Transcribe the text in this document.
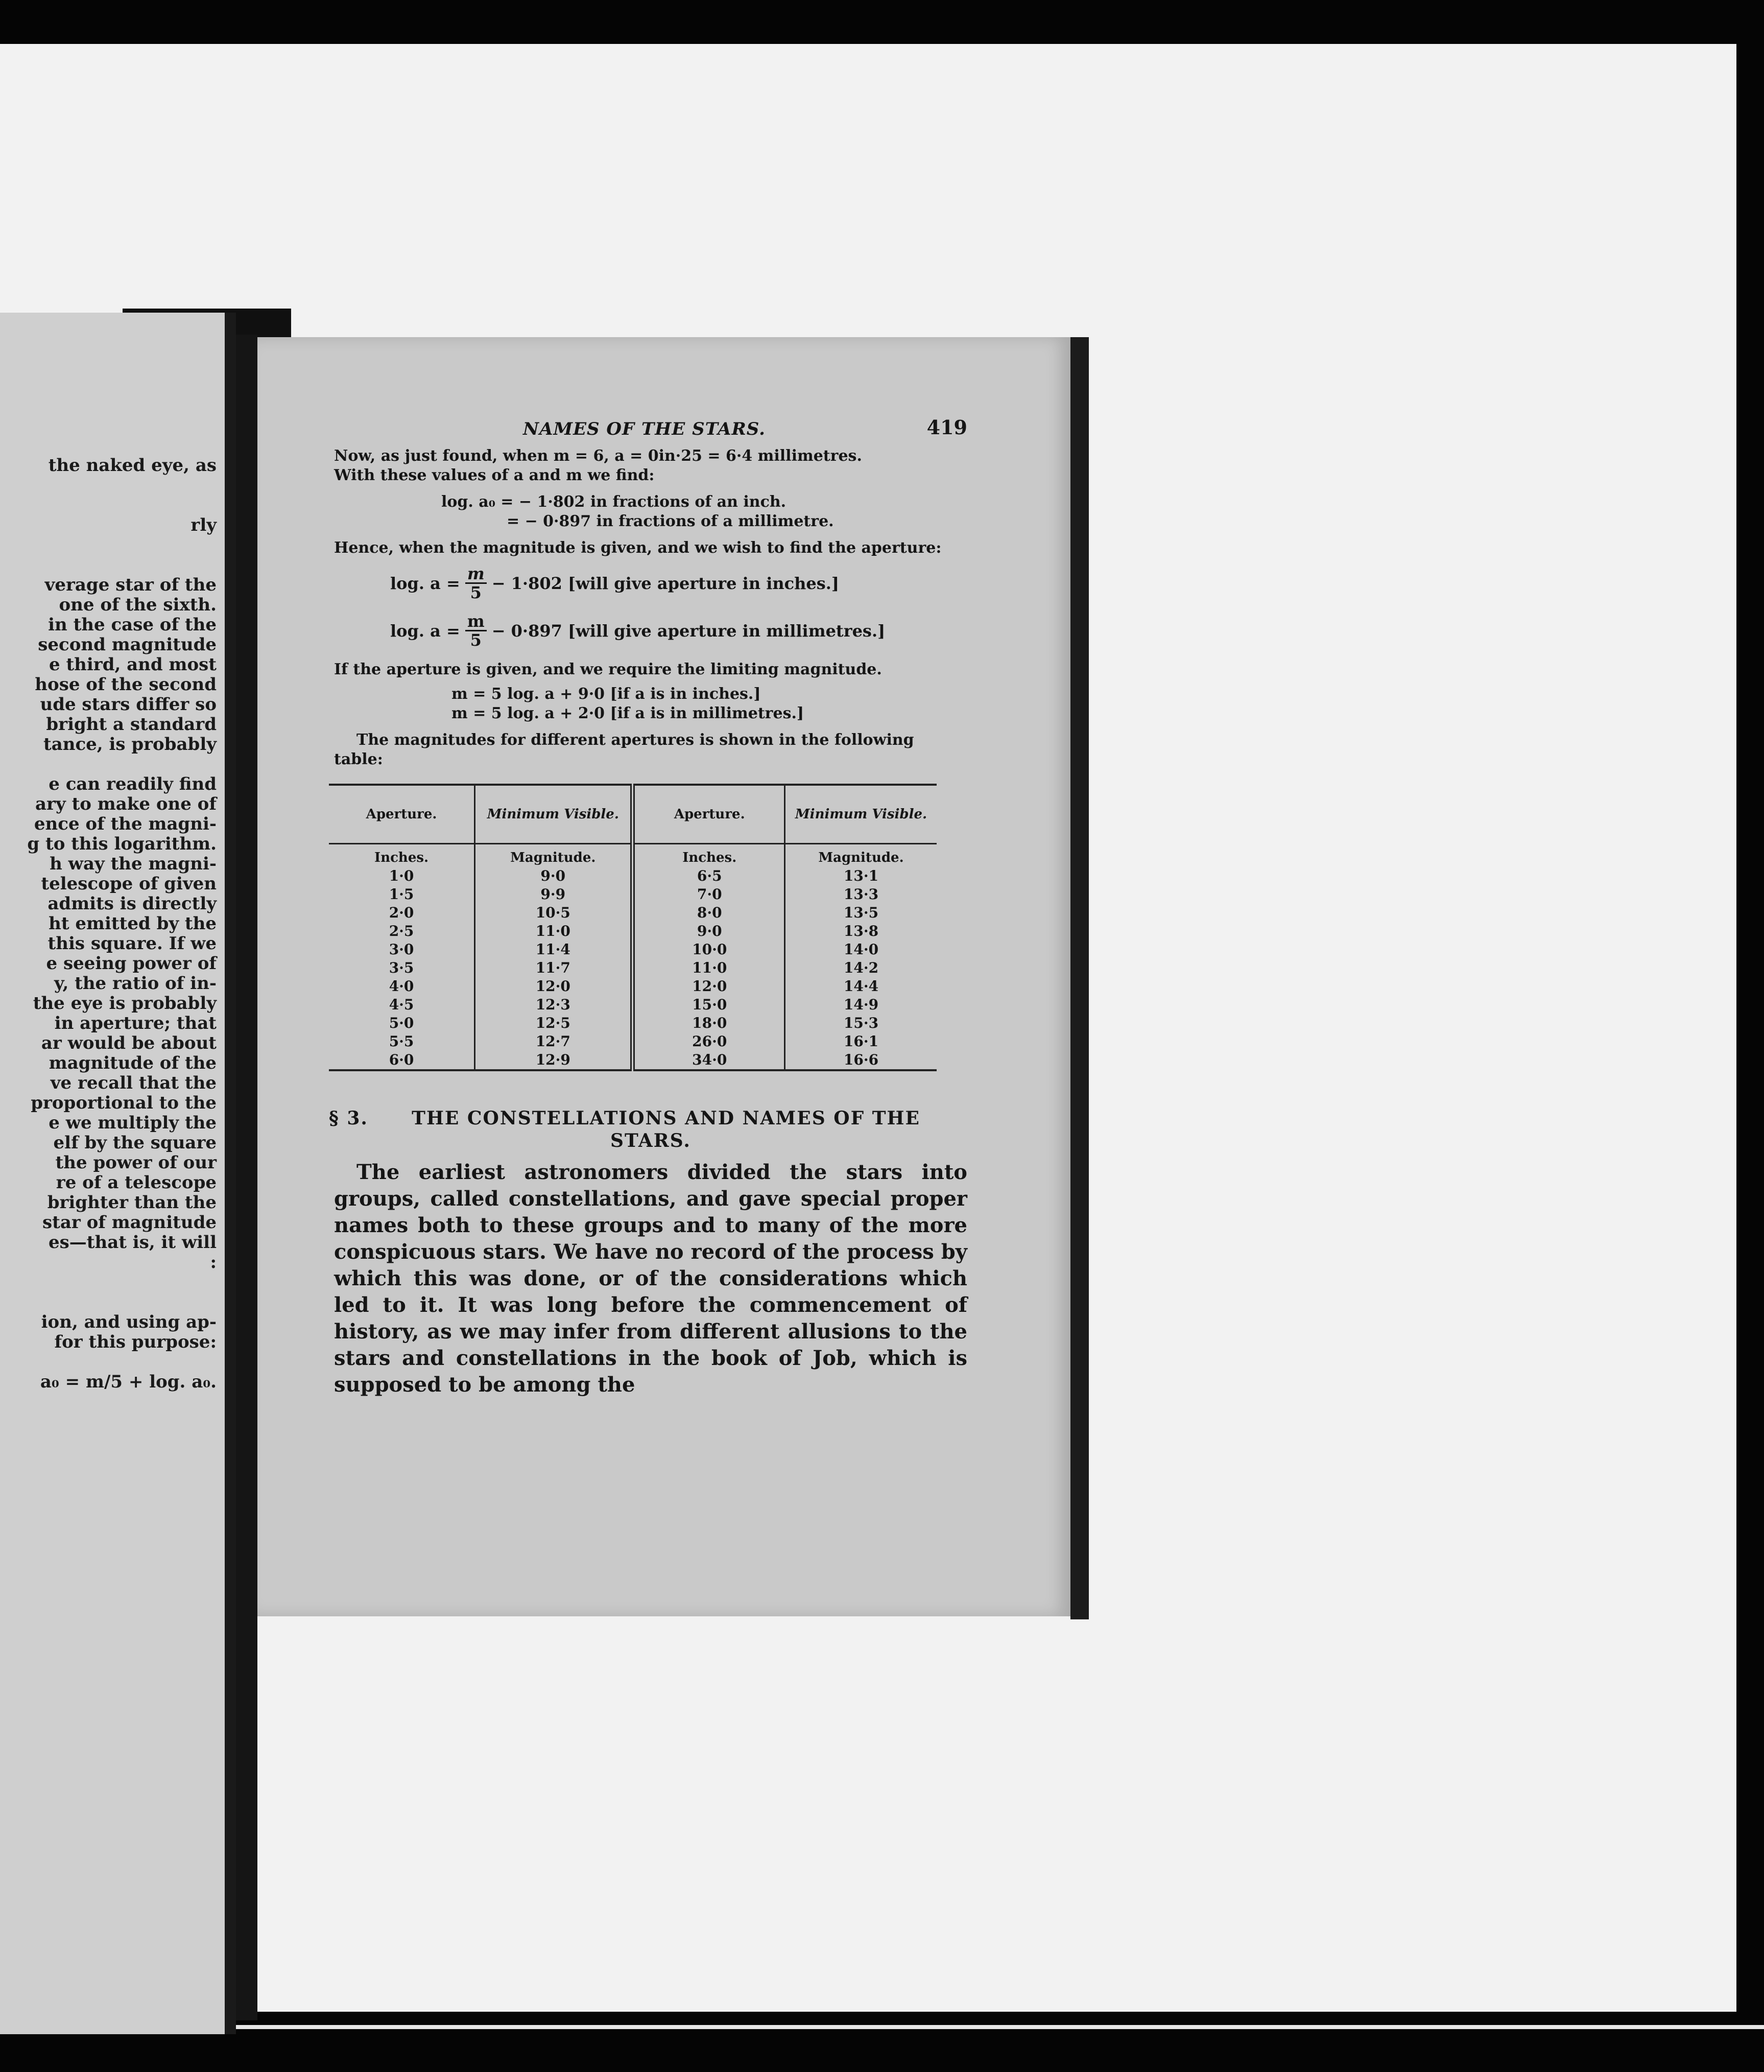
the naked eye, as
rly
verage star of the
one of the sixth.
in the case of the
second magnitude
e third, and most
hose of the second
ude stars differ so
bright a standard
tance, is probably
e can readily find
ary to make one of
ence of the magni-
g to this logarithm.
h way the magni-
telescope of given
admits is directly
ht emitted by the
this square. If we
e seeing power of
y, the ratio of in-
the eye is probably
in aperture; that
ar would be about
magnitude of the
ve recall that the
proportional to the
e we multiply the
elf by the square
the power of our
re of a telescope
brighter than the
star of magnitude
es—that is, it will
:
ion, and using ap-
for this purpose:
a₀ = m/5 + log. a₀.
NAMES OF THE STARS.	419
Now, as just found, when m = 6, a = 0in·25 = 6·4 millimetres.
With these values of a and m we find:
log. a₀ = − 1·802 in fractions of an inch.
= − 0·897 in fractions of a millimetre.
Hence, when the magnitude is given, and we wish to find the aperture:
log. $a = \frac{m}{5} - 1\cdot 802$ [will give aperture in inches.]
log. $a = \frac{m}{5} - 0\cdot 897$ [will give aperture in millimetres.]
If the aperture is given, and we require the limiting magnitude.
m = 5 log. a + 9·0 [if a is in inches.]
m = 5 log. a + 2·0 [if a is in millimetres.]
The magnitudes for different apertures is shown in the following table:
Aperture.	Minimum Visible.	Aperture.	Minimum Visible.
Inches.	Magnitude.	Inches.	Magnitude.
1·0	9·0	6·5	13·1
1·5	9·9	7·0	13·3
2·0	10·5	8·0	13·5
2·5	11·0	9·0	13·8
3·0	11·4	10·0	14·0
3·5	11·7	11·0	14·2
4·0	12·0	12·0	14·4
4·5	12·3	15·0	14·9
5·0	12·5	18·0	15·3
5·5	12·7	26·0	16·1
6·0	12·9	34·0	16·6
§ 3.	THE CONSTELLATIONS AND NAMES OF THE
STARS.
The earliest astronomers divided the stars into groups, called constellations, and gave special proper names both to these groups and to many of the more conspicuous stars. We have no record of the process by which this was done, or of the considerations which led to it. It was long before the commencement of history, as we may infer from different allusions to the stars and constellations in the book of Job, which is supposed to be among the
